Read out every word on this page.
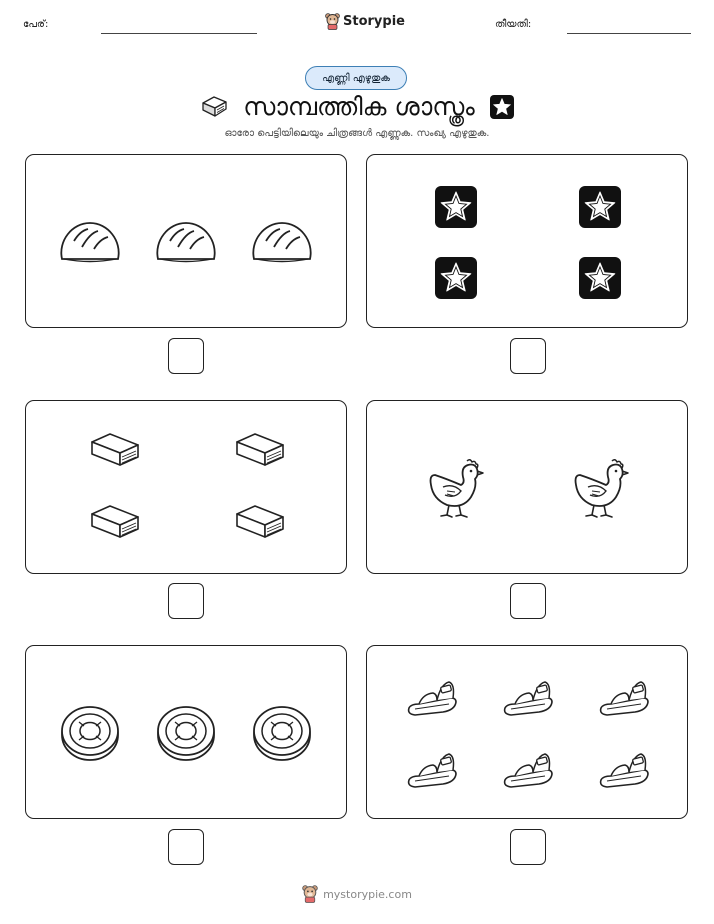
പേര്:	Storypie	തീയതി:
എണ്ണി എഴുതുക
സാമ്പത്തിക ശാസ്ത്രം
ഓരോ പെട്ടിയിലെയും ചിത്രങ്ങൾ എണ്ണുക. സംഖ്യ എഴുതുക.
mystorypie.com
